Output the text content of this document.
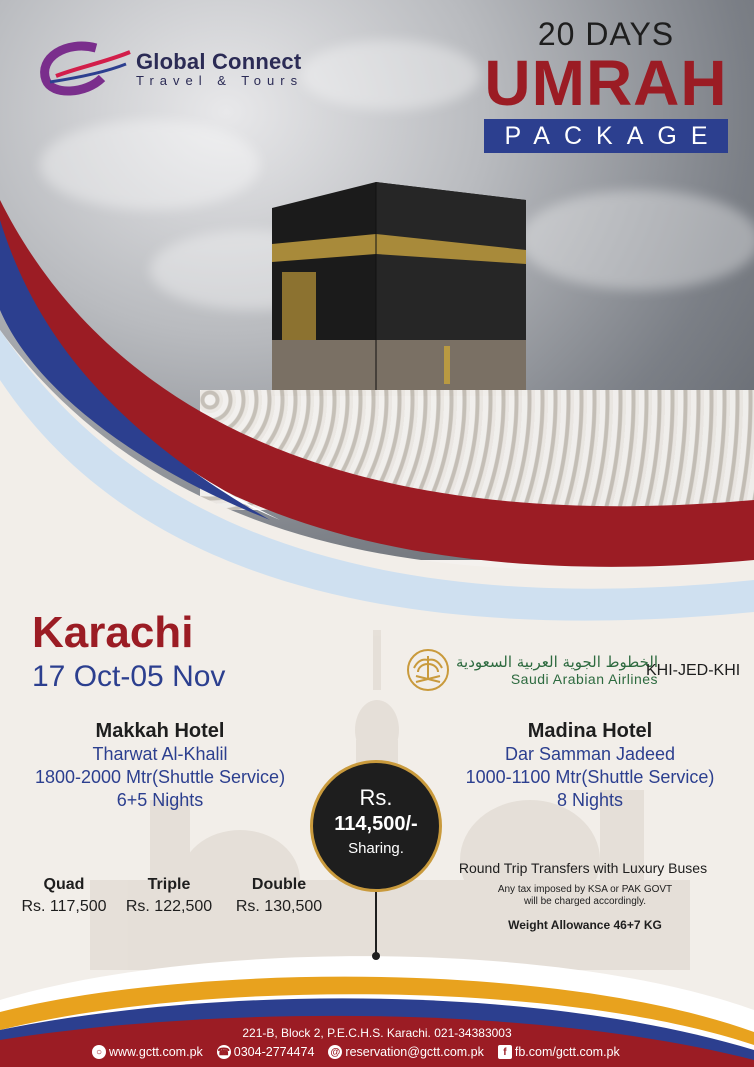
Global Connect
Travel & Tours
20 DAYS
UMRAH
PACKAGE
Karachi
17 Oct-05 Nov	الخطوط الجوية العربية السعودية
Saudi Arabian Airlines
KHI-JED-KHI
Makkah Hotel
Tharwat Al-Khalil
1800-2000 Mtr(Shuttle Service)
6+5 Nights
Madina Hotel
Dar Samman Jadeed
1000-1100 Mtr(Shuttle Service)
8 Nights
Rs.
114,500/-
Sharing.
Quad
Rs. 117,500
Triple
Rs. 122,500
Double
Rs. 130,500
Round Trip Transfers with Luxury Buses
Any tax imposed by KSA or PAK GOVT
will be charged accordingly.
Weight Allowance 46+7 KG
221-B, Block 2, P.E.C.H.S. Karachi. 021-34383003
○ www.gctt.com.pk ☎ 0304-2774474 @ reservation@gctt.com.pk	f fb.com/gctt.com.pk
